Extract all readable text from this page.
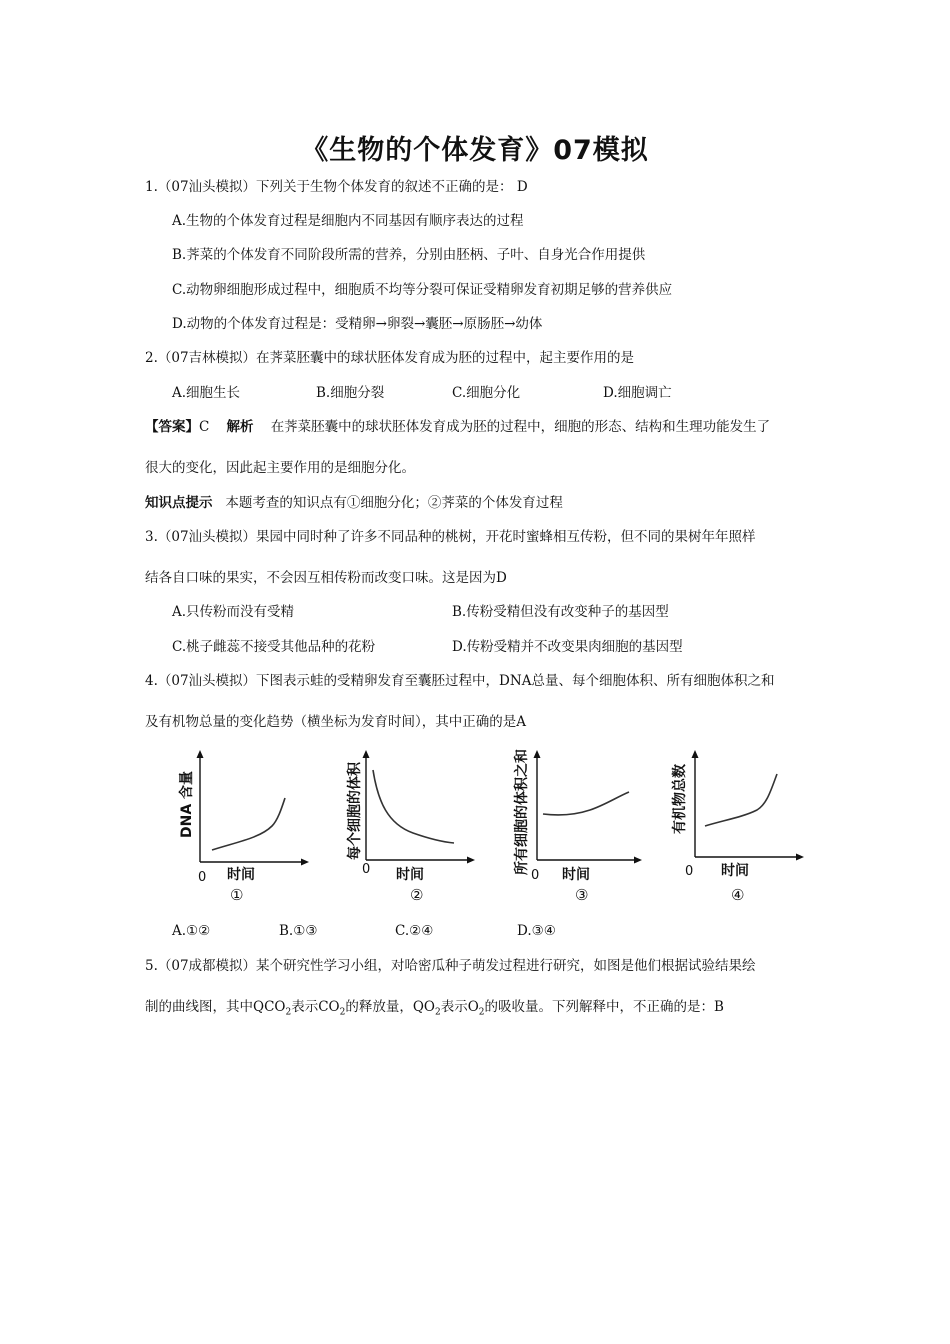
《生物的个体发育》07模拟
1.（07汕头模拟）下列关于生物个体发育的叙述不正确的是： D
A.生物的个体发育过程是细胞内不同基因有顺序表达的过程
B.荠菜的个体发育不同阶段所需的营养，分别由胚柄、子叶、自身光合作用提供
C.动物卵细胞形成过程中，细胞质不均等分裂可保证受精卵发育初期足够的营养供应
D.动物的个体发育过程是：受精卵→卵裂→囊胚→原肠胚→幼体
2.（07吉林模拟）在荠菜胚囊中的球状胚体发育成为胚的过程中，起主要作用的是
A.细胞生长	B.细胞分裂	C.细胞分化	D.细胞调亡
【答案】C 解析 在荠菜胚囊中的球状胚体发育成为胚的过程中，细胞的形态、结构和生理功能发生了
很大的变化，因此起主要作用的是细胞分化。
知识点提示 本题考查的知识点有①细胞分化；②荠菜的个体发育过程
3.（07汕头模拟）果园中同时种了许多不同品种的桃树，开花时蜜蜂相互传粉，但不同的果树年年照样
结各自口味的果实，不会因互相传粉而改变口味。这是因为D
A.只传粉而没有受精	B.传粉受精但没有改变种子的基因型
C.桃子雌蕊不接受其他品种的花粉	D.传粉受精并不改变果肉细胞的基因型
4.（07汕头模拟）下图表示蛙的受精卵发育至囊胚过程中，DNA总量、每个细胞体积、所有细胞体积之和
及有机物总量的变化趋势（横坐标为发育时间），其中正确的是A
DNA 含量
时间
0
①
每个细胞的体积
时间
0
②
所有细胞的体积之和 时间
0
③
有机物总数
时间
0
④
A.①②	B.①③	C.②④	D.③④
5.（07成都模拟）某个研究性学习小组，对哈密瓜种子萌发过程进行研究，如图是他们根据试验结果绘
制的曲线图，其中$QCO_2$表示$CO_2$的释放量，$QO_2$表示$O_2$的吸收量。下列解释中，不正确的是：B
